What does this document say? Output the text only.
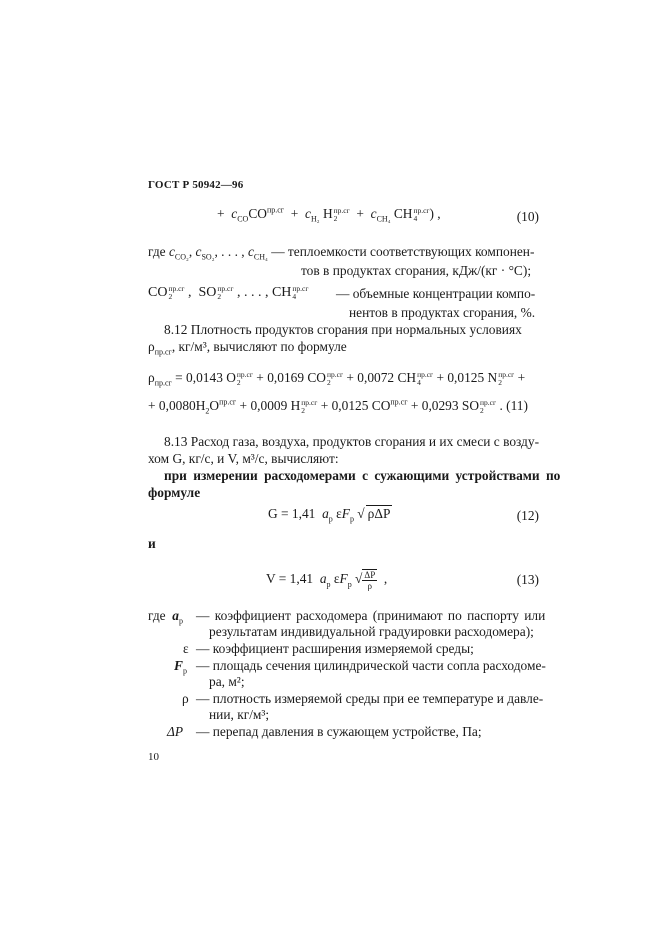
ГОСТ Р 50942—96
+ $c_{CO}CO^{пр.сг} + c_{H_2}$ H пр.сг
2	+ $c_{CH_4}$ CH пр.сг
4 ) ,	(10)
где $c_{CO_2}$, $c_{SO_2}$, . . . , $c_{CH_4}$ — теплоемкости соответствующих компонен-
тов в продуктах сгорания, кДж/(кг · °С);
CO пр.сг
2 ,  SO пр.сг
2 , . . . , CH пр.сг
4	— объемные концентрации компо-
нентов в продуктах сгорания, %.
8.12 Плотность продуктов сгорания при нормальных условиях
$\rho_{пр.сг}$, кг/м³, вычисляют по формуле
$\rho_{пр.сг} = 0,0143$ O пр.сг
2 + 0,0169 CO пр.сг
2 + 0,0072 CH пр.сг
4 + 0,0125 N пр.сг
2 +
+ $0,0080H_2O^{пр.сг} + 0,0009$ H пр.сг
2 + 0,0125 $CO^{пр.сг} + 0,0293$ SO пр.сг
2 . (11)
8.13 Расход газа, воздуха, продуктов сгорания и их смеси с возду-
хом G, кг/с, и V, м³/с, вычисляют:
при измерении расходомерами с сужающими устройствами по
формуле
G = 1,41 $a_р$ $\varepsilon F_р$ √ ρΔP	(12)
и
V = 1,41 $a_р$ $\varepsilon F_р$ √ $\frac{\Delta P}{\rho}$ ,	(13)
где $a_р$ — коэффициент расходомера (принимают по паспорту или
результатам индивидуальной градуировки расходомера);
ε — коэффициент расширения измеряемой среды;
$F_р$ — площадь сечения цилиндрической части сопла расходоме-
ра, м²;
ρ — плотность измеряемой среды при ее температуре и давле-
нии, кг/м³;
ΔP — перепад давления в сужающем устройстве, Па;
10
